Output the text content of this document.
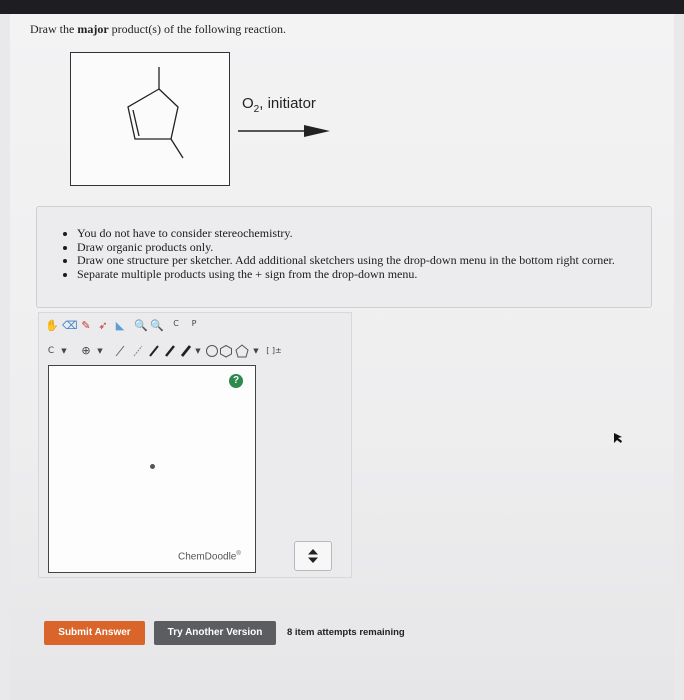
Draw the major product(s) of the following reaction.
$O_2$, initiator
• You do not have to consider stereochemistry.
• Draw organic products only.
• Draw one structure per sketcher. Add additional sketchers using the drop-down menu in the bottom right corner.
• Separate multiple products using the + sign from the drop-down menu.
✋ ⌫ ✎ ➶ ◣ 🔍 🔍	C	P
C	▼	⊕ ▼	▼	▼ [ ]±
?
ChemDoodle®
Submit Answer	Try Another Version	8 item attempts remaining
